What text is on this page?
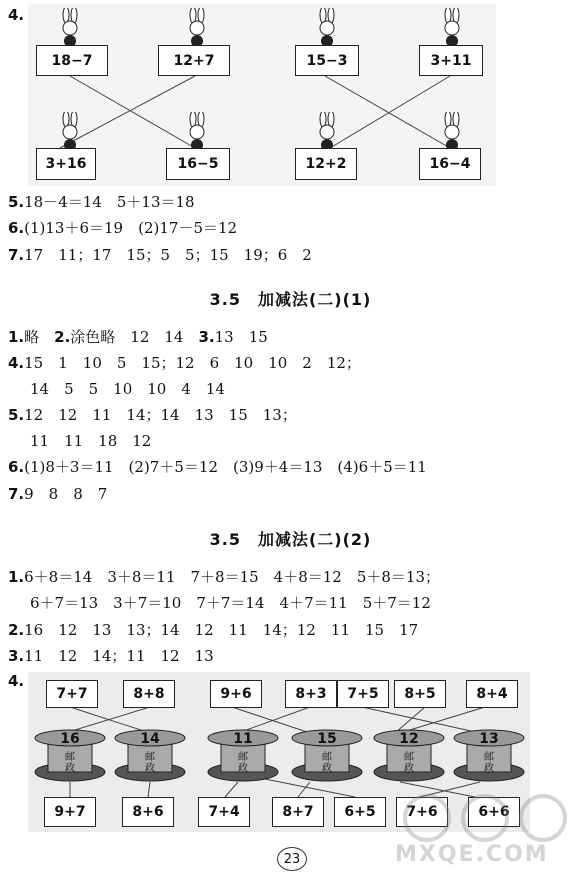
4.
18−7	12+7
3+16	16−5
15−3	3+11
12+2	16−4
5.18－4＝14　5＋13＝18
6.(1)13＋6＝19　(2)17－5＝12
7.17　11；17　15；5　5；15　19；6　2
3.5　加减法(二)(1)
1.略　2.涂色略　12　14　3.13　15
4.15　1　10　5　15；12　6　10　10　2　12；
14　5　5　10　10　4　14
5.12　12　11　14；14　13　15　13；
11　11　18　12
6.(1)8＋3＝11　(2)7＋5＝12　(3)9＋4＝13　(4)6＋5＝11
7.9　8　8　7
3.5　加减法(二)(2)
1.6＋8＝14　3＋8＝11　7＋8＝15　4＋8＝12　5＋8＝13；
6＋7＝13　3＋7＝10　7＋7＝14　4＋7＝11　5＋7＝12
2.16　12　13　13；14　12　11　14；12　11　15　17
3.11　12　14；11　12　13
4.
7+7	8+8	9+6	8+3	7+5	8+5	8+4
16	14	11	15	12	13
邮政
邮政
邮政
邮政
邮政
邮政
9+7	8+6	7+4	8+7	6+5	7+6	6+6
MXQE.COM
23
